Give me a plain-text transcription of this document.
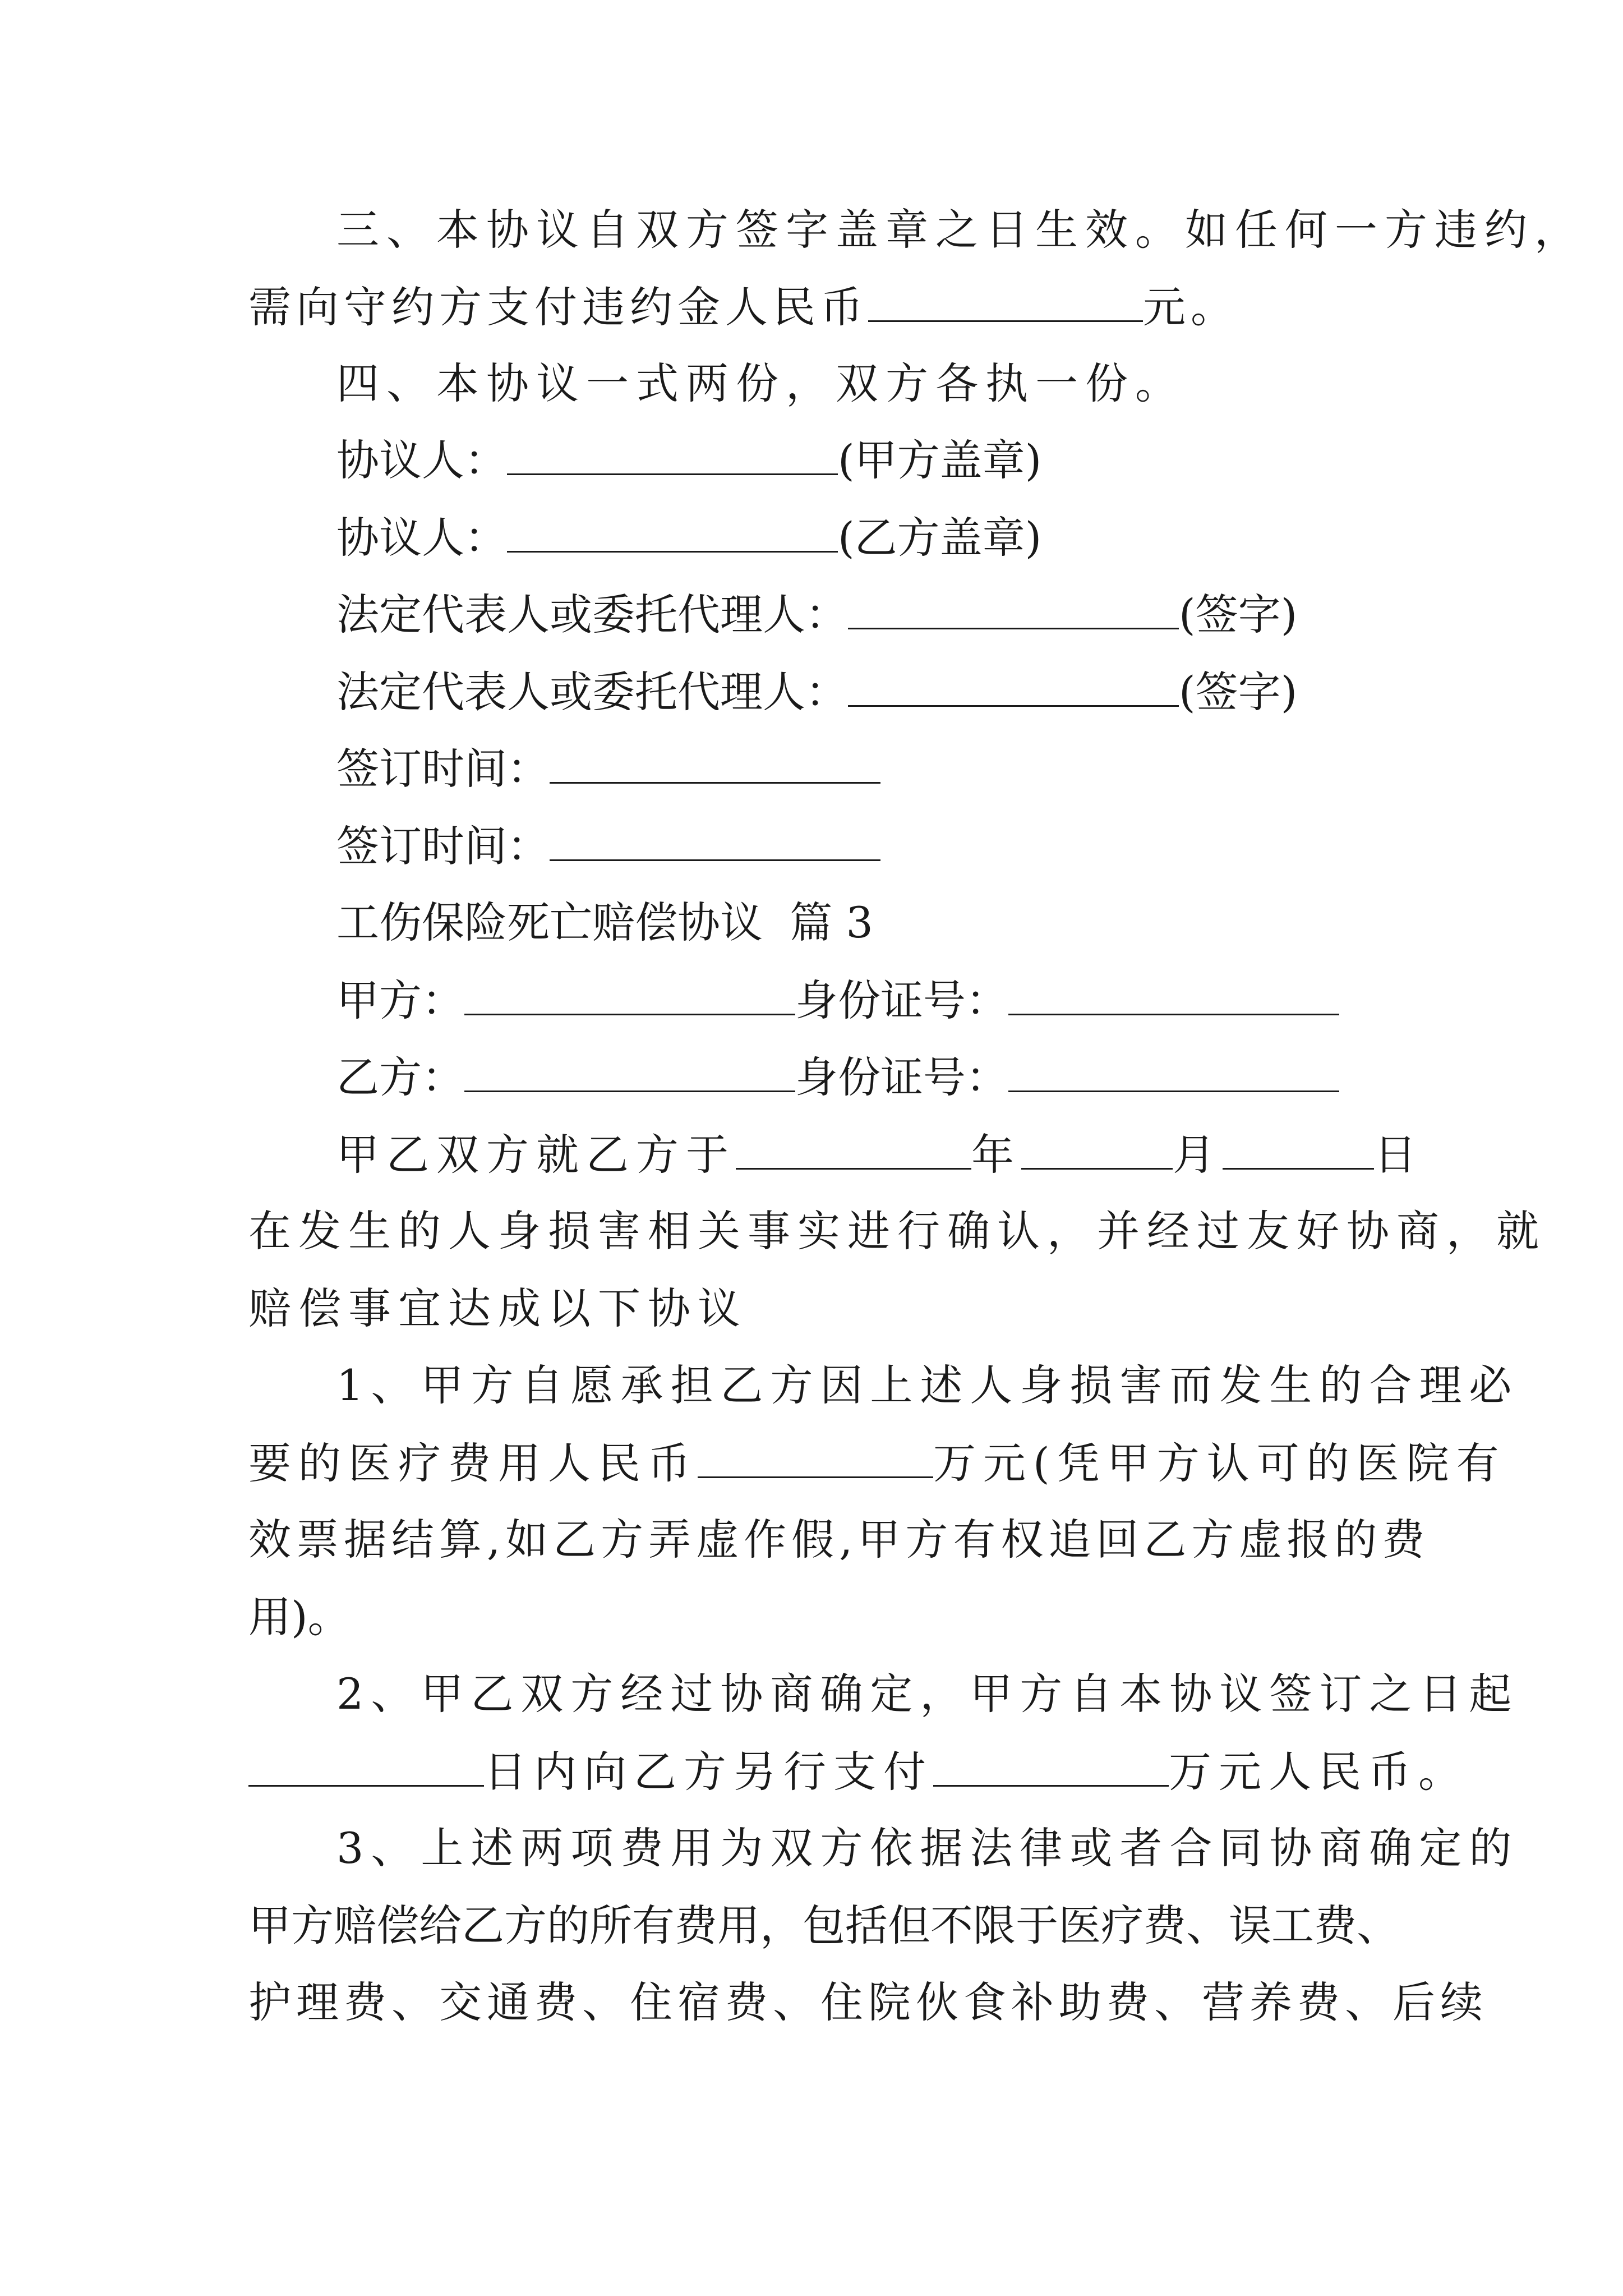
三、本协议自双方签字盖章之日生效。如任何一方违约，
需向守约方支付违约金人民币	元。
四、本协议一式两份，双方各执一份。
协议人：	(甲方盖章)
协议人：	(乙方盖章)
法定代表人或委托代理人：	(签字)
法定代表人或委托代理人：	(签字)
签订时间：
签订时间：
工伤保险死亡赔偿协议  篇 3
甲方：	身份证号：
乙方：	身份证号：
甲乙双方就乙方于	年	月	日
在发生的人身损害相关事实进行确认，并经过友好协商，就
赔偿事宜达成以下协议
1、甲方自愿承担乙方因上述人身损害而发生的合理必
要的医疗费用人民币	万元(凭甲方认可的医院有
效票据结算,如乙方弄虚作假,甲方有权追回乙方虚报的费
用)。
2、甲乙双方经过协商确定，甲方自本协议签订之日起
日内向乙方另行支付	万元人民币。
3、上述两项费用为双方依据法律或者合同协商确定的
甲方赔偿给乙方的所有费用，包括但不限于医疗费、误工费、
护理费、交通费、住宿费、住院伙食补助费、营养费、后续
